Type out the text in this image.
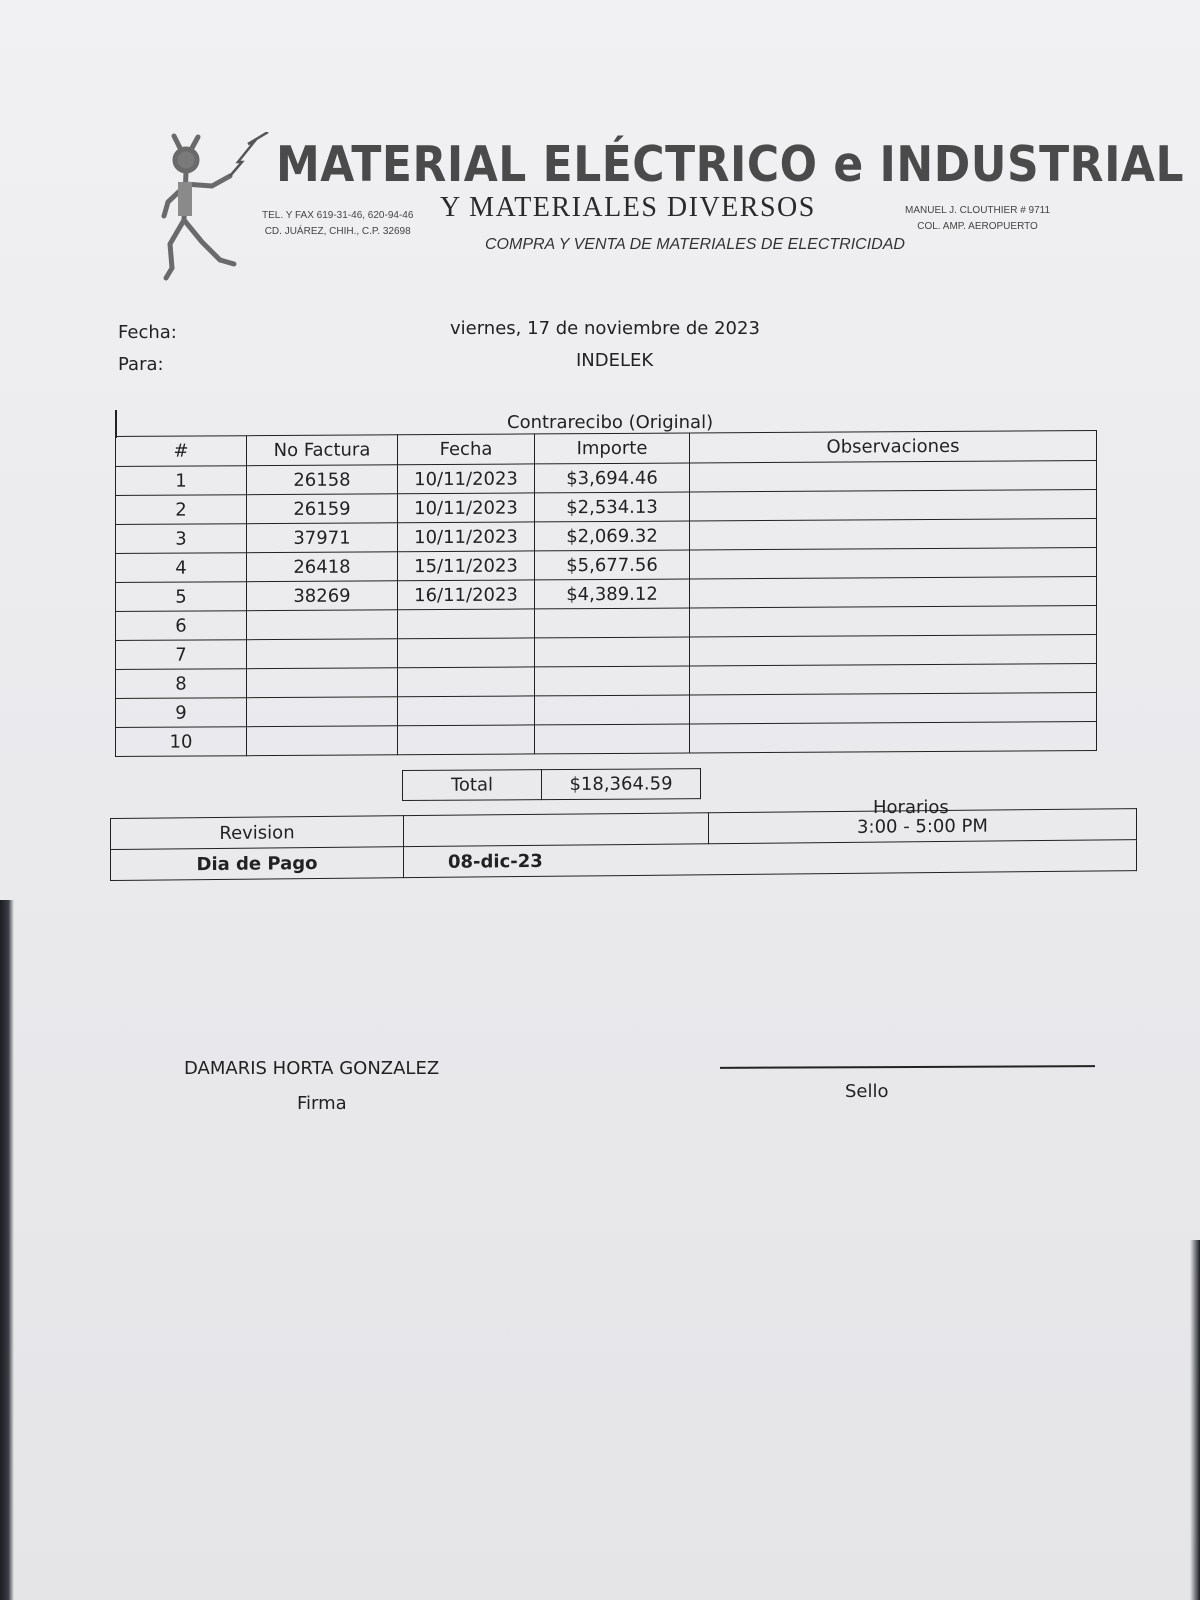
MATERIAL ELÉCTRICO e INDUSTRIAL
TEL. Y FAX 619-31-46, 620-94-46
CD. JUÁREZ, CHIH., C.P. 32698
Y MATERIALES DIVERSOS	MANUEL J. CLOUTHIER # 9711
COL. AMP. AEROPUERTO
COMPRA Y VENTA DE MATERIALES DE ELECTRICIDAD
Fecha:	viernes, 17 de noviembre de 2023
Para:	INDELEK
Contrarecibo (Original)
#	No Factura	Fecha	Importe	Observaciones
1	26158	10/11/2023	$3,694.46	
2	26159	10/11/2023	$2,534.13	
3	37971	10/11/2023	$2,069.32	
4	26418	15/11/2023	$5,677.56	
5	38269	16/11/2023	$4,389.12	
6				
7				
8				
9				
10				
Total	$18,364.59
Horarios
Revision		3:00 - 5:00 PM
Dia de Pago	08-dic-23	
DAMARIS HORTA GONZALEZ
Firma
Sello
